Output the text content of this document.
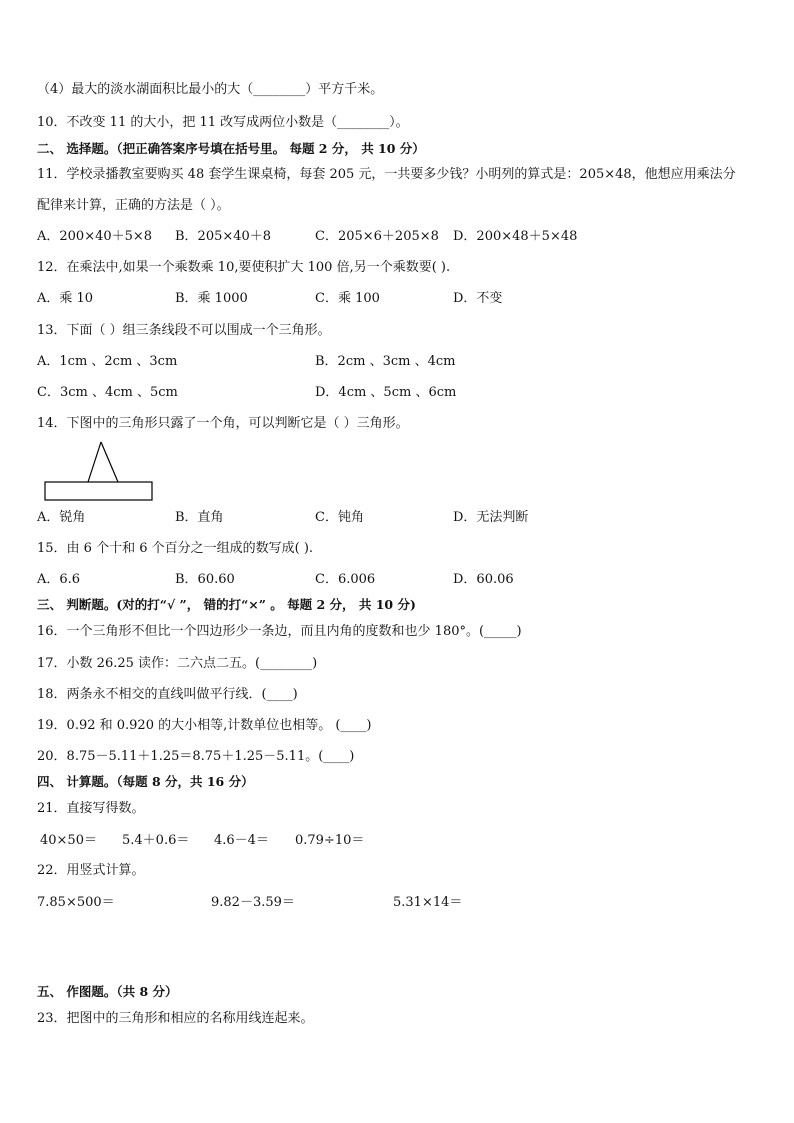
（4）最大的淡水湖面积比最小的大（________）平方千米。
10．不改变 11 的大小，把 11 改写成两位小数是（________）。
二、 选择题。（把正确答案序号填在括号里。 每题 2 分， 共 10 分）
11．学校录播教室要购买 48 套学生课桌椅，每套 205 元，一共要多少钱？小明列的算式是：205×48，他想应用乘法分
配律来计算，正确的方法是（ ）。
A．200×40＋5×8 B．205×40＋8	C．205×6＋205×8 D．200×48＋5×48
12．在乘法中,如果一个乘数乘 10,要使积扩大 100 倍,另一个乘数要( ).
A．乘 10	B．乘 1000	C．乘 100	D．不变
13．下面（ ）组三条线段不可以围成一个三角形。
A．1cm 、2cm 、3cm	B．2cm 、3cm 、4cm
C．3cm 、4cm 、5cm	D．4cm 、5cm 、6cm
14．下图中的三角形只露了一个角，可以判断它是（ ）三角形。
A．锐角	B．直角	C．钝角	D．无法判断
15．由 6 个十和 6 个百分之一组成的数写成( ).
A．6.6	B．60.60	C．6.006	D．60.06
三、 判断题。(对的打“√ ”， 错的打“×” 。 每题 2 分， 共 10 分)
16．一个三角形不但比一个四边形少一条边，而且内角的度数和也少 180°。(_____)
17．小数 26.25 读作：二六点二五。(________)
18．两条永不相交的直线叫做平行线．(____)
19．0.92 和 0.920 的大小相等,计数单位也相等。 (____)
20．8.75－5.11＋1.25＝8.75＋1.25－5.11。(____)
四、 计算题。（每题 8 分，共 16 分）
21．直接写得数。
40×50＝ 5.4＋0.6＝ 4.6－4＝ 0.79÷10＝
22．用竖式计算。
7.85×500＝	9.82－3.59＝	5.31×14＝
五、 作图题。（共 8 分）
23．把图中的三角形和相应的名称用线连起来。
